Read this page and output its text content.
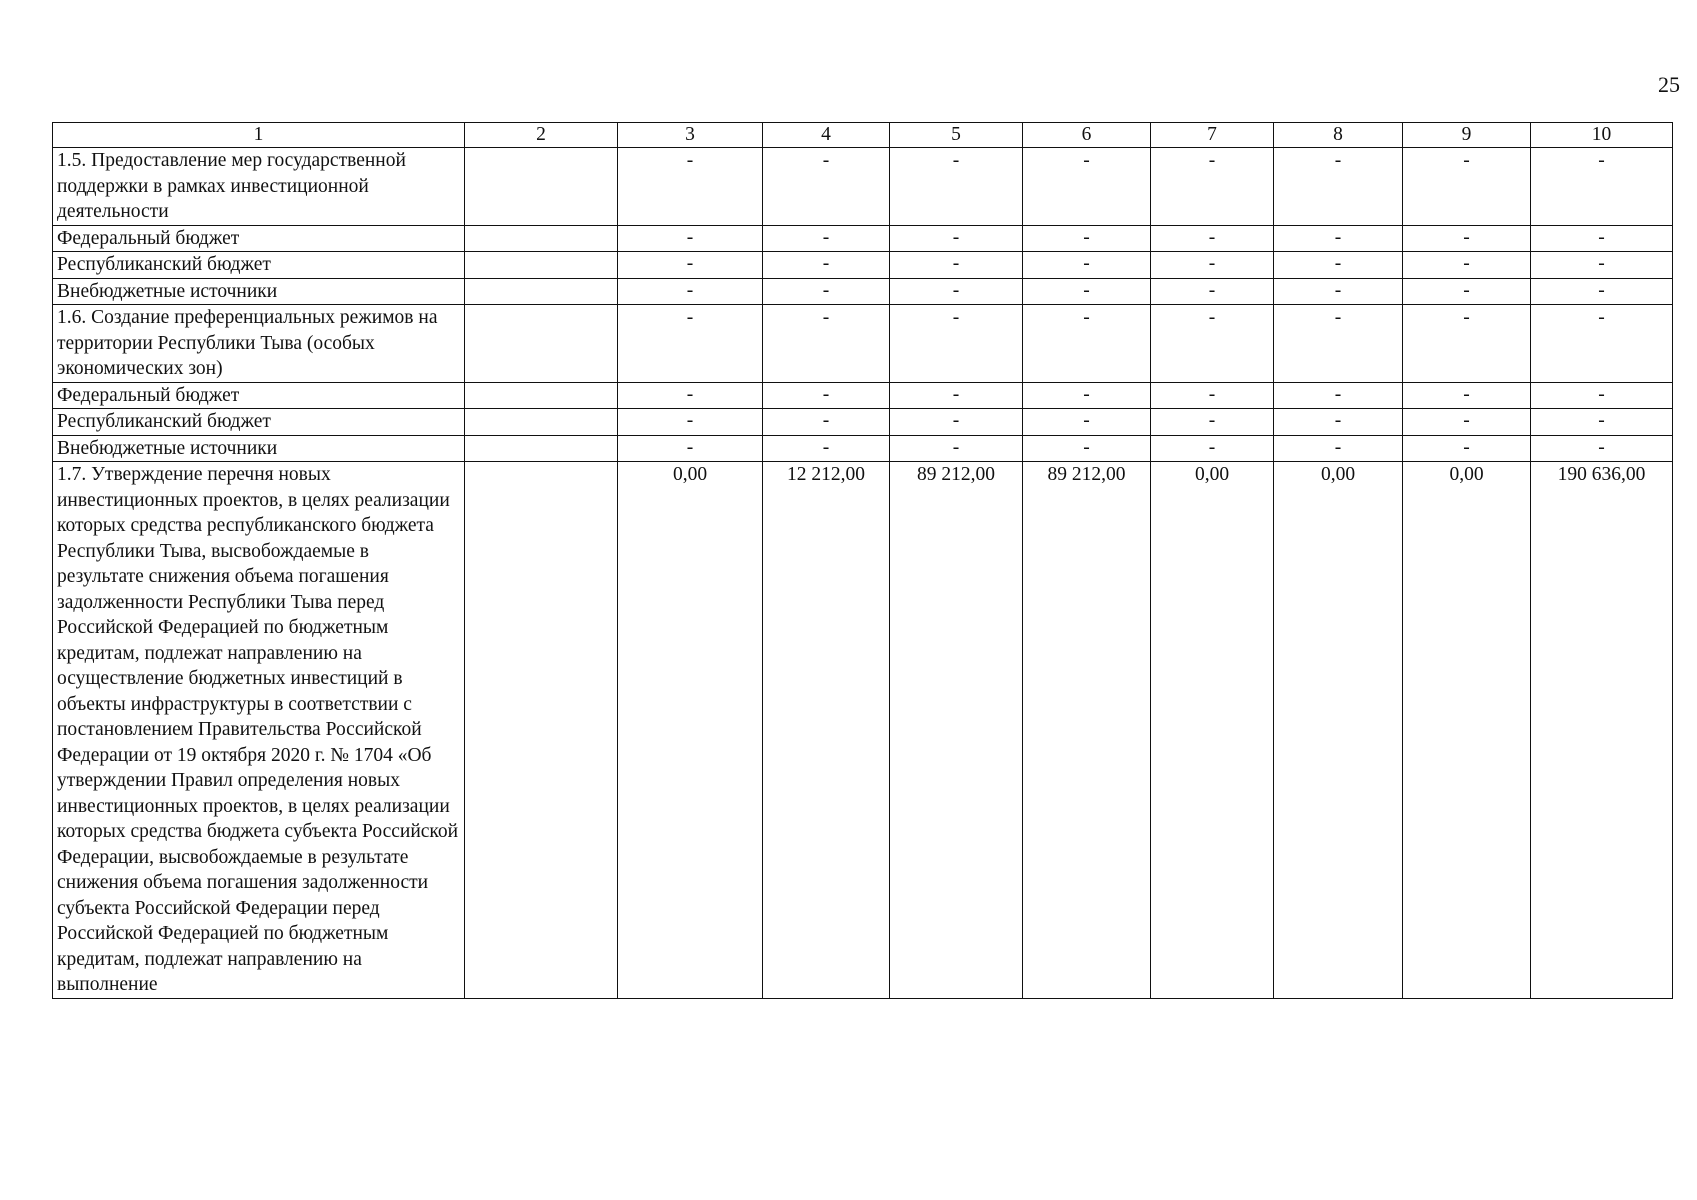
25
1	2	3	4	5	6	7	8	9	10
1.5. Предоставление мер государственной поддержки в рамках инвестиционной деятельности		-	-	-	-	-	-	-	-
Федеральный бюджет		-	-	-	-	-	-	-	-
Республиканский бюджет		-	-	-	-	-	-	-	-
Внебюджетные источники		-	-	-	-	-	-	-	-
1.6. Создание преференциальных режимов на территории Республики Тыва (особых экономических зон)		-	-	-	-	-	-	-	-
Федеральный бюджет		-	-	-	-	-	-	-	-
Республиканский бюджет		-	-	-	-	-	-	-	-
Внебюджетные источники		-	-	-	-	-	-	-	-
1.7. Утверждение перечня новых инвестиционных проектов, в целях реализации которых средства республиканского бюджета Республики Тыва, высвобождаемые в результате снижения объема погашения задолженности Республики Тыва перед Российской Федерацией по бюджетным кредитам, подлежат направлению на осуществление бюджетных инвестиций в объекты инфраструктуры в соответствии с постановлением Правительства Российской Федерации от 19 октября 2020 г. № 1704 «Об утверждении Правил определения новых инвестиционных проектов, в целях реализации которых средства бюджета субъекта Российской Федерации, высвобождаемые в результате снижения объема погашения задолженности субъекта Российской Федерации перед Российской Федерацией по бюджетным кредитам, подлежат направлению на выполнение		0,00	12 212,00	89 212,00	89 212,00	0,00	0,00	0,00	190 636,00
